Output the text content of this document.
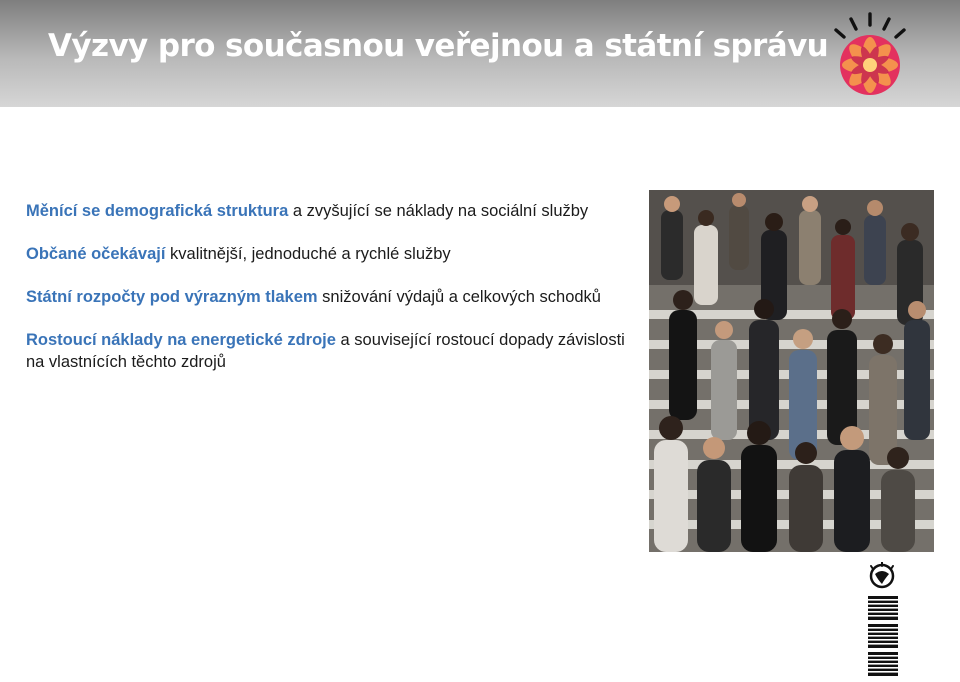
Výzvy pro současnou veřejnou a státní správu
Měnící se demografická struktura a zvyšující se náklady na sociální služby
Občané očekávají kvalitnější, jednoduché a rychlé služby
Státní rozpočty pod výrazným tlakem snižování výdajů a celkových schodků
Rostoucí náklady na energetické zdroje a související rostoucí dopady závislosti na vlastnících těchto zdrojů
